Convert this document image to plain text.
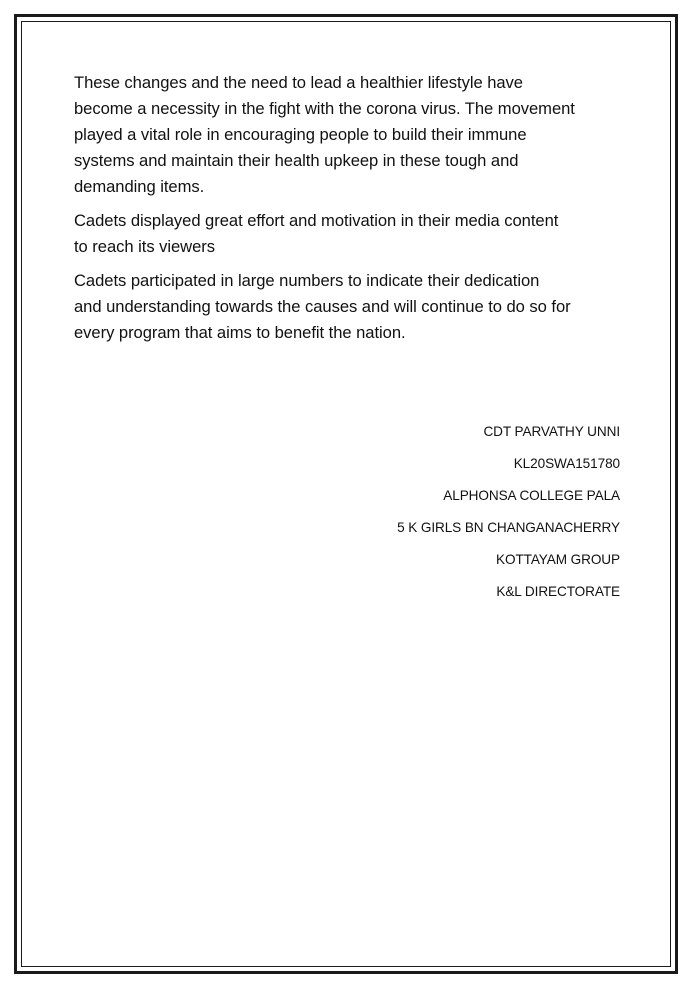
These changes and the need to lead a healthier lifestyle have
become a necessity in the fight with the corona virus. The movement
played a vital role in encouraging people to build their immune
systems and maintain their health upkeep in these tough and
demanding items.

Cadets displayed great effort and motivation in their media content
to reach its viewers

Cadets participated in large numbers to indicate their dedication
and understanding towards the causes and will continue to do so for
every program that aims to benefit the nation.

CDT PARVATHY UNNI
KL20SWA151780
ALPHONSA COLLEGE PALA
5 K GIRLS BN CHANGANACHERRY
KOTTAYAM GROUP
K&L DIRECTORATE
